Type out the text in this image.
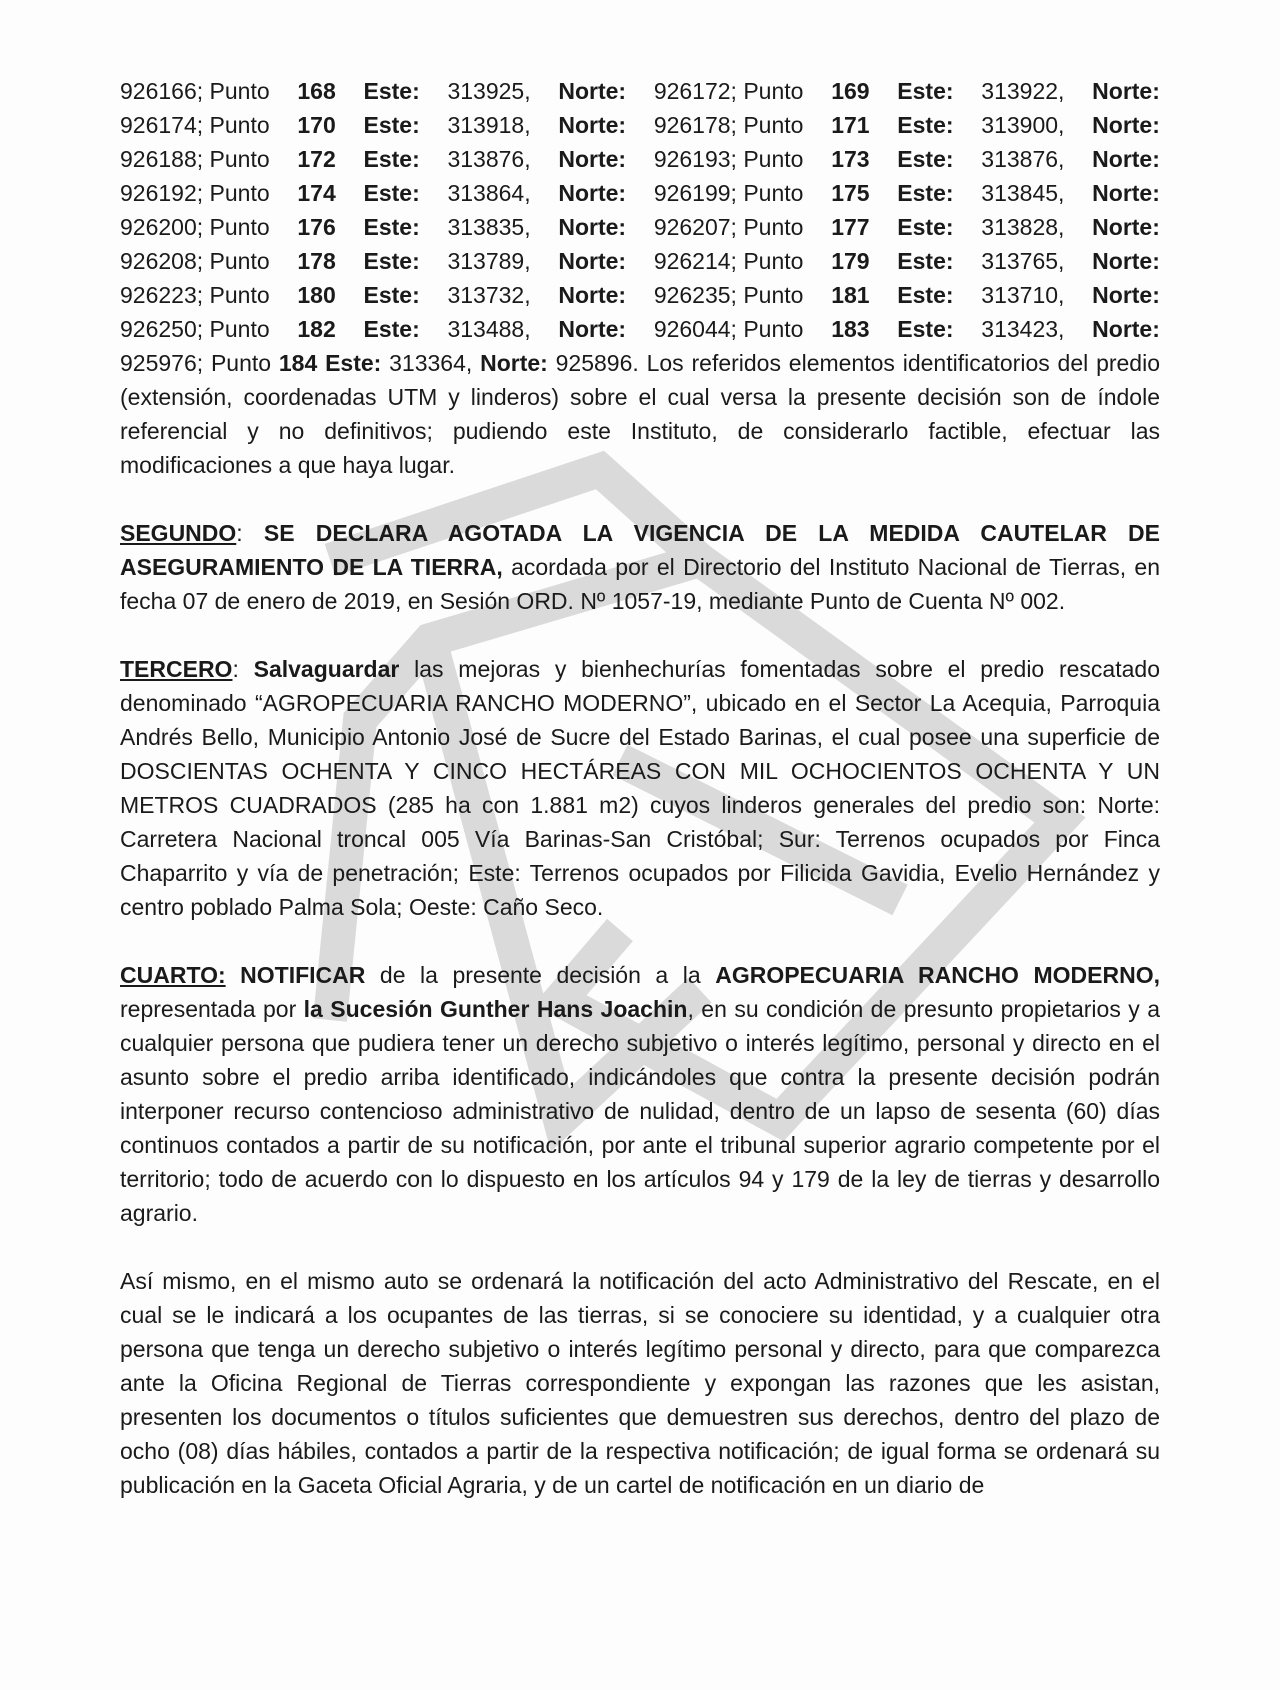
926166; Punto 168 Este: 313925, Norte: 926172; Punto 169 Este: 313922, Norte:
926174; Punto 170 Este: 313918, Norte: 926178; Punto 171 Este: 313900, Norte:
926188; Punto 172 Este: 313876, Norte: 926193; Punto 173 Este: 313876, Norte:
926192; Punto 174 Este: 313864, Norte: 926199; Punto 175 Este: 313845, Norte:
926200; Punto 176 Este: 313835, Norte: 926207; Punto 177 Este: 313828, Norte:
926208; Punto 178 Este: 313789, Norte: 926214; Punto 179 Este: 313765, Norte:
926223; Punto 180 Este: 313732, Norte: 926235; Punto 181 Este: 313710, Norte:
926250; Punto 182 Este: 313488, Norte: 926044; Punto 183 Este: 313423, Norte:

925976; Punto 184 Este: 313364, Norte: 925896. Los referidos elementos identificatorios del predio (extensión, coordenadas UTM y linderos) sobre el cual versa la presente decisión son de índole referencial y no definitivos; pudiendo este Instituto, de considerarlo factible, efectuar las modificaciones a que haya lugar.

SEGUNDO: SE DECLARA AGOTADA LA VIGENCIA DE LA MEDIDA CAUTELAR DE ASEGURAMIENTO DE LA TIERRA, acordada por el Directorio del Instituto Nacional de Tierras, en fecha 07 de enero de 2019, en Sesión ORD. Nº 1057-19, mediante Punto de Cuenta Nº 002.

TERCERO: Salvaguardar las mejoras y bienhechurías fomentadas sobre el predio rescatado denominado “AGROPECUARIA RANCHO MODERNO”, ubicado en el Sector La Acequia, Parroquia Andrés Bello, Municipio Antonio José de Sucre del Estado Barinas, el cual posee una superficie de DOSCIENTAS OCHENTA Y CINCO HECTÁREAS CON MIL OCHOCIENTOS OCHENTA Y UN METROS CUADRADOS (285 ha con 1.881 m2) cuyos linderos generales del predio son: Norte: Carretera Nacional troncal 005 Vía Barinas-San Cristóbal; Sur: Terrenos ocupados por Finca Chaparrito y vía de penetración; Este: Terrenos ocupados por Filicida Gavidia, Evelio Hernández y centro poblado Palma Sola; Oeste: Caño Seco.

CUARTO: NOTIFICAR de la presente decisión a la AGROPECUARIA RANCHO MODERNO, representada por la Sucesión Gunther Hans Joachin, en su condición de presunto propietarios y a cualquier persona que pudiera tener un derecho subjetivo o interés legítimo, personal y directo en el asunto sobre el predio arriba identificado, indicándoles que contra la presente decisión podrán interponer recurso contencioso administrativo de nulidad, dentro de un lapso de sesenta (60) días continuos contados a partir de su notificación, por ante el tribunal superior agrario competente por el territorio; todo de acuerdo con lo dispuesto en los artículos 94 y 179 de la ley de tierras y desarrollo agrario.

Así mismo, en el mismo auto se ordenará la notificación del acto Administrativo del Rescate, en el cual se le indicará a los ocupantes de las tierras, si se conociere su identidad, y a cualquier otra persona que tenga un derecho subjetivo o interés legítimo personal y directo, para que comparezca ante la Oficina Regional de Tierras correspondiente y expongan las razones que les asistan, presenten los documentos o títulos suficientes que demuestren sus derechos, dentro del plazo de ocho (08) días hábiles, contados a partir de la respectiva notificación; de igual forma se ordenará su publicación en la Gaceta Oficial Agraria, y de un cartel de notificación en un diario de
